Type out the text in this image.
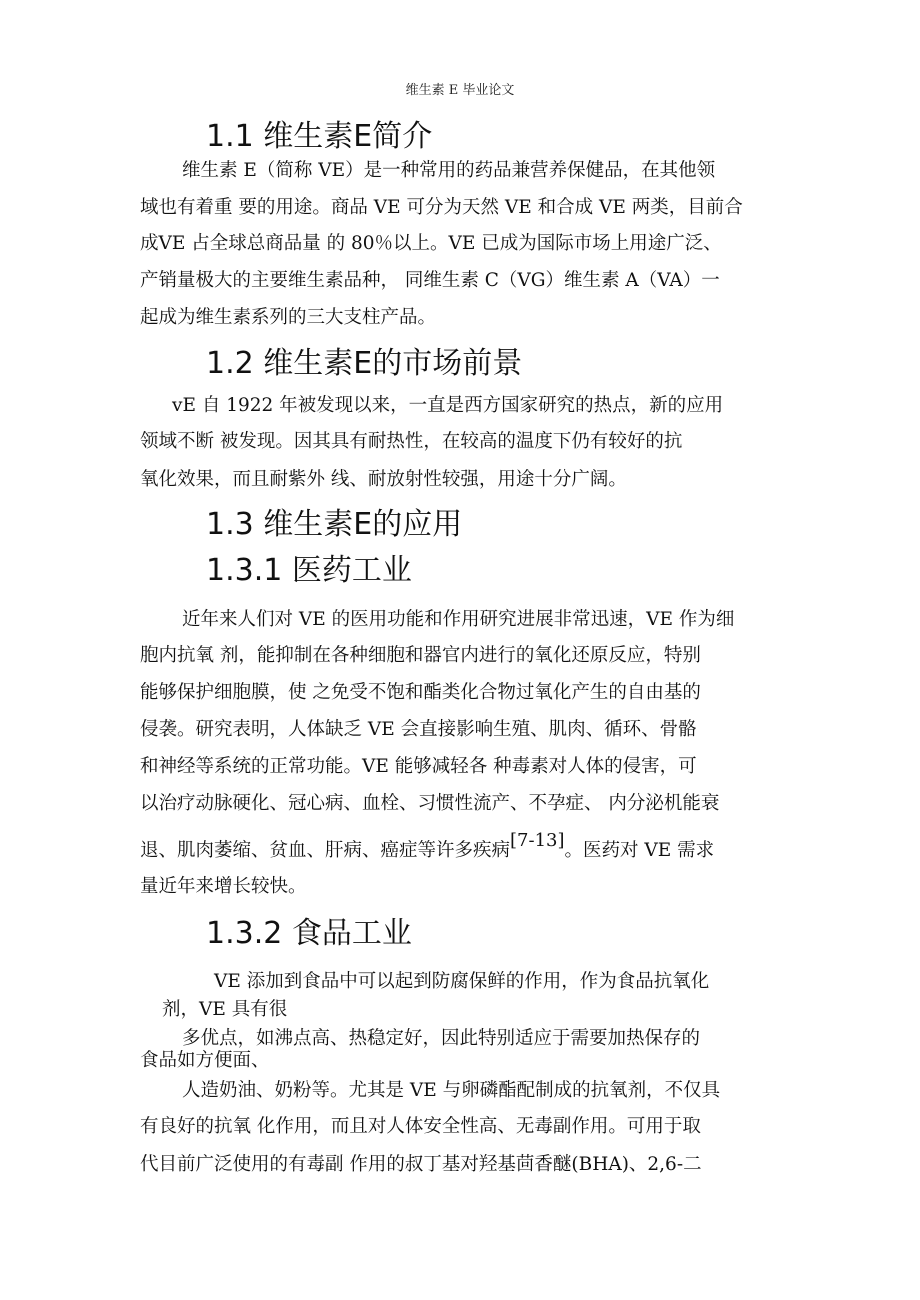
维生素 E 毕业论文
1.1 维生素E简介
维生素 E（简称 VE）是一种常用的药品兼营养保健品，在其他领
域也有着重 要的用途。商品 VE 可分为天然 VE 和合成 VE 两类，目前合
成VE 占全球总商品量 的 80％以上。VE 已成为国际市场上用途广泛、
产销量极大的主要维生素品种， 同维生素 C（VG）维生素 A（VA）一
起成为维生素系列的三大支柱产品。
1.2 维生素E的市场前景
vE 自 1922 年被发现以来，一直是西方国家研究的热点，新的应用
领域不断 被发现。因其具有耐热性，在较高的温度下仍有较好的抗
氧化效果，而且耐紫外 线、耐放射性较强，用途十分广阔。
1.3 维生素E的应用
1.3.1 医药工业
近年来人们对 VE 的医用功能和作用研究进展非常迅速，VE 作为细
胞内抗氧 剂，能抑制在各种细胞和器官内进行的氧化还原反应，特别
能够保护细胞膜，使 之免受不饱和酯类化合物过氧化产生的自由基的
侵袭。研究表明，人体缺乏 VE 会直接影响生殖、肌肉、循环、骨骼
和神经等系统的正常功能。VE 能够减轻各 种毒素对人体的侵害，可
以治疗动脉硬化、冠心病、血栓、习惯性流产、不孕症、 内分泌机能衰
退、肌肉萎缩、贫血、肝病、癌症等许多疾病[7-13]。医药对 VE 需求
量近年来增长较快。
1.3.2 食品工业
VE 添加到食品中可以起到防腐保鲜的作用，作为食品抗氧化
剂，VE 具有很
多优点，如沸点高、热稳定好，因此特别适应于需要加热保存的
食品如方便面、
人造奶油、奶粉等。尤其是 VE 与卵磷酯配制成的抗氧剂，不仅具
有良好的抗氧 化作用，而且对人体安全性高、无毒副作用。可用于取
代目前广泛使用的有毒副 作用的叔丁基对羟基茴香醚(BHA)、2,6-二
